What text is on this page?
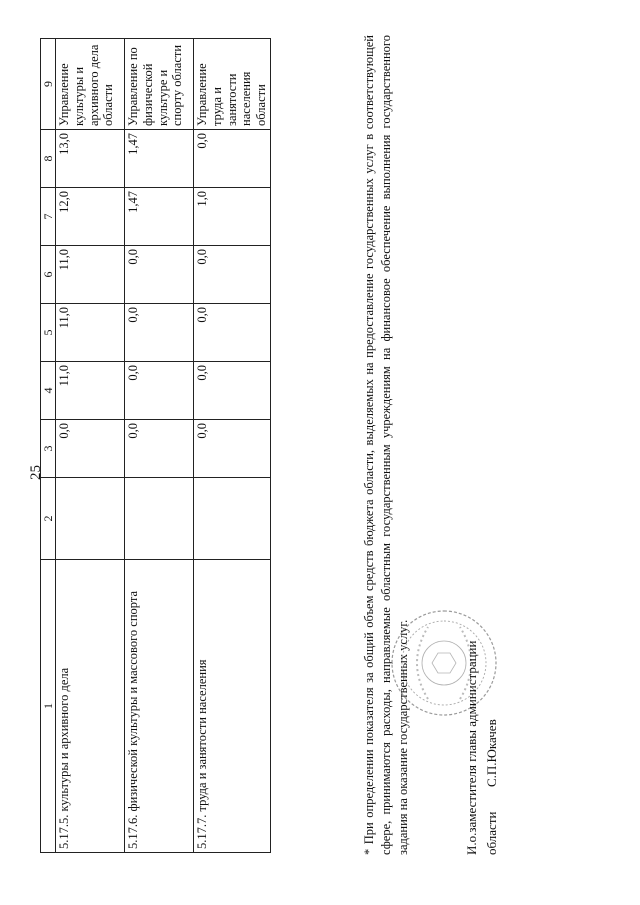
25
1	2	3	4	5	6	7	8	9
5.17.5. культуры и архивного дела		0,0	11,0	11,0	11,0	12,0	13,0	Управление культуры и архивного дела области
5.17.6. физической культуры и массового спорта		0,0	0,0	0,0	0,0	1,47	1,47	Управление по физической культуре и спорту области
5.17.7. труда и занятости населения		0,0	0,0	0,0	0,0	1,0	0,0	Управление труда и занятости населения области	* При определении показателя за общий объем средств бюджета области, выделяемых на предоставление государственных услуг в соответствующей сфере, принимаются расходы, направляемые областным государственным учреждениям на финансовое обеспечение выполнения государственного задания на оказание государственных услуг.	И.о.заместителя главы администрации области  С.П.Юкачев
